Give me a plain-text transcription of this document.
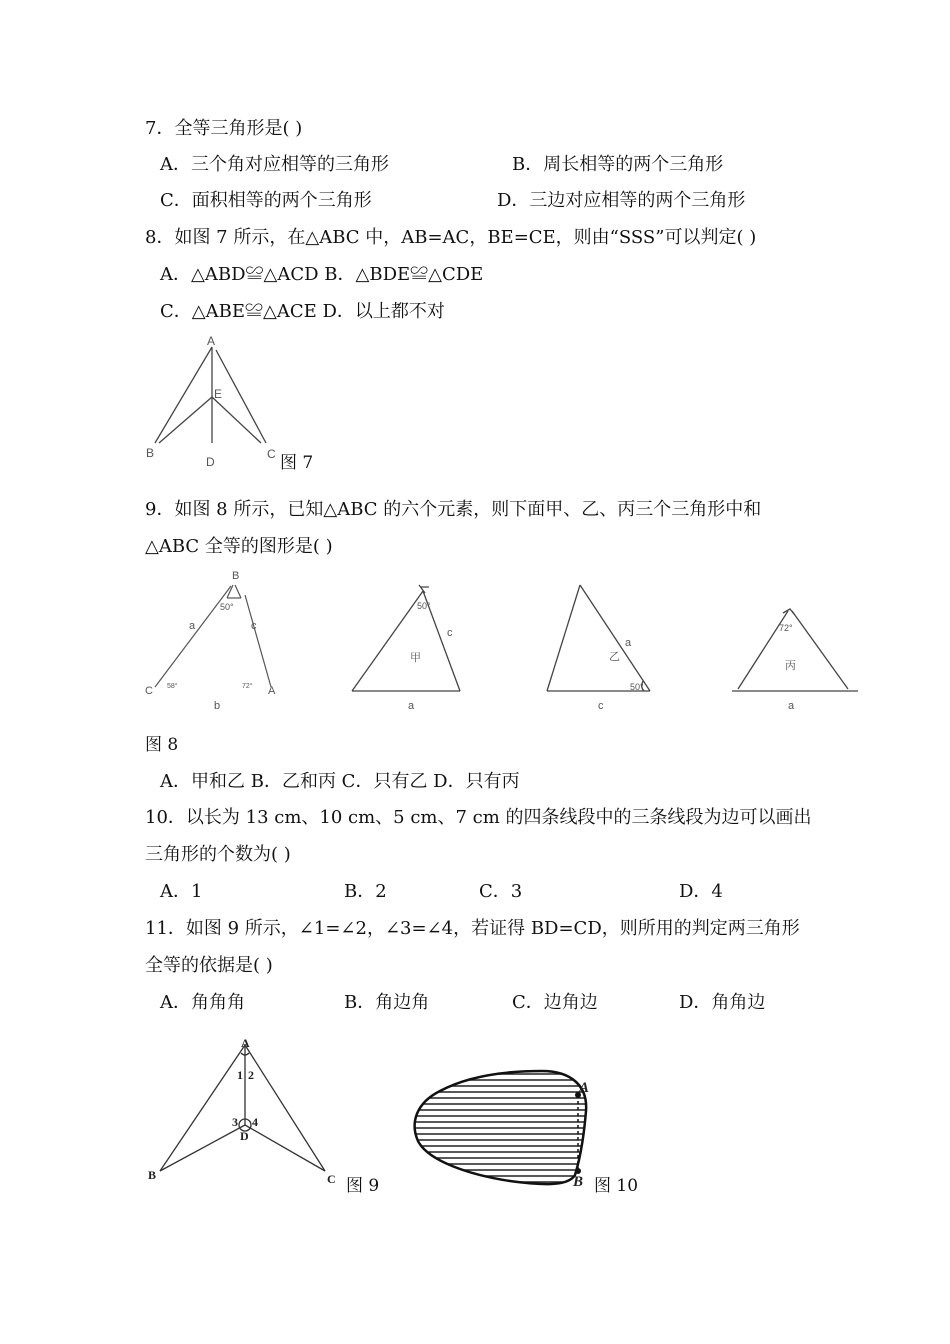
7．全等三角形是( )
A．三个角对应相等的三角形	B．周长相等的两个三角形
C．面积相等的两个三角形	D．三边对应相等的两个三角形
8．如图 7 所示，在△ABC 中，AB=AC，BE=CE，则由“SSS”可以判定( )
A．△ABD≌△ACD B．△BDE≌△CDE
C．△ABE≌△ACE D．以上都不对
A
B	C
D
E
图 7
9．如图 8 所示，已知△ABC 的六个元素，则下面甲、乙、丙三个三角形中和
△ABC 全等的图形是( )
B
50°
a	c
C 58°	72° A
b
50°
c
甲
a
a
乙
50°
c
72°
丙
a
图 8
A．甲和乙 B．乙和丙 C．只有乙 D．只有丙
10．以长为 13 cm、10 cm、5 cm、7 cm 的四条线段中的三条线段为边可以画出
三角形的个数为( )
A．1	B．2	C．3	D．4
11．如图 9 所示，∠1=∠2，∠3=∠4，若证得 BD=CD，则所用的判定两三角形
全等的依据是( )
A．角角角	B．角边角	C．边角边	D．角角边
A
1 2
3 4
D
B	C 图 9
A
B 图 10
